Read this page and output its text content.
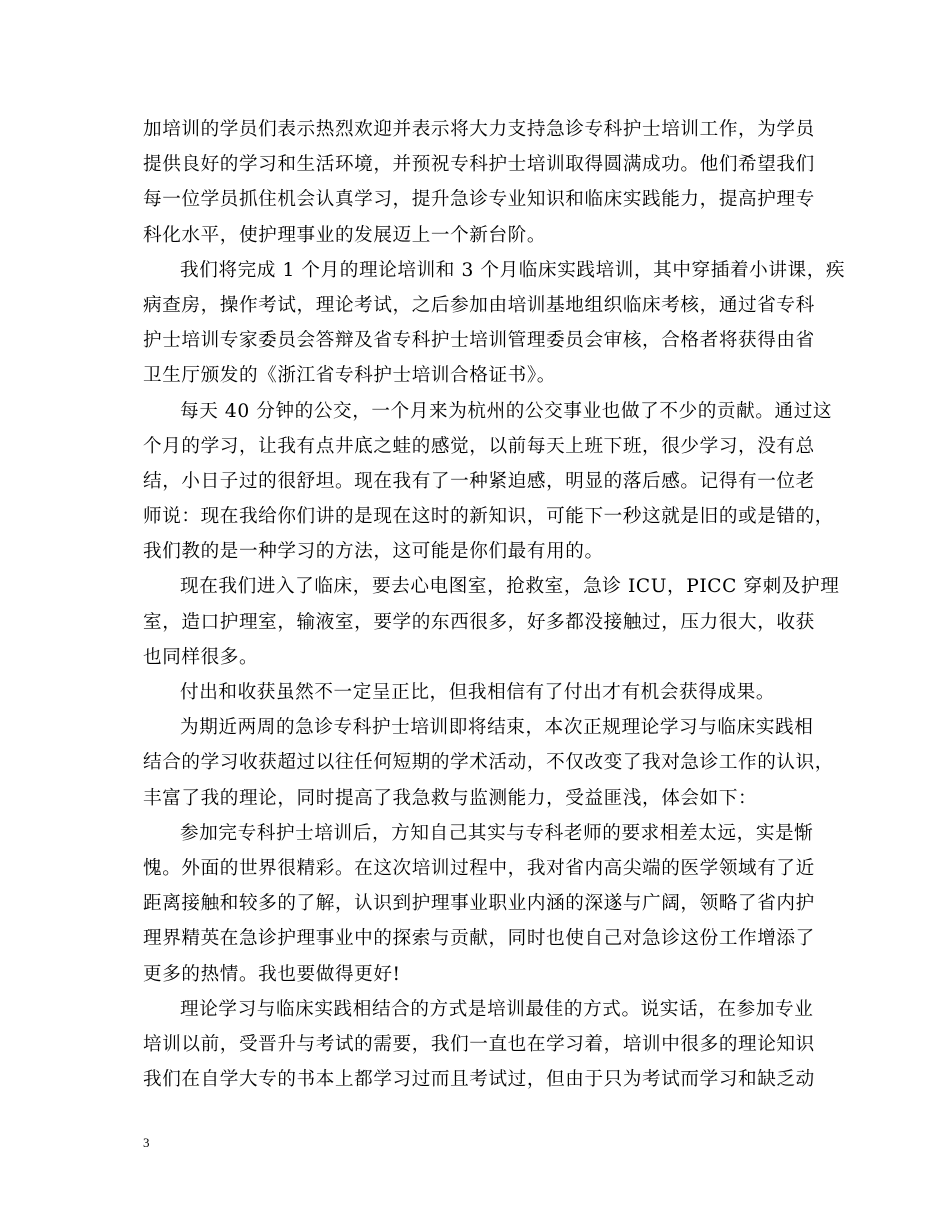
加培训的学员们表示热烈欢迎并表示将大力支持急诊专科护士培训工作，为学员
提供良好的学习和生活环境，并预祝专科护士培训取得圆满成功。他们希望我们
每一位学员抓住机会认真学习，提升急诊专业知识和临床实践能力，提高护理专
科化水平，使护理事业的发展迈上一个新台阶。
我们将完成 1 个月的理论培训和 3 个月临床实践培训，其中穿插着小讲课，疾
病查房，操作考试，理论考试，之后参加由培训基地组织临床考核，通过省专科
护士培训专家委员会答辩及省专科护士培训管理委员会审核，合格者将获得由省
卫生厅颁发的《浙江省专科护士培训合格证书》。
每天 40 分钟的公交，一个月来为杭州的公交事业也做了不少的贡献。通过这
个月的学习，让我有点井底之蛙的感觉，以前每天上班下班，很少学习，没有总
结，小日子过的很舒坦。现在我有了一种紧迫感，明显的落后感。记得有一位老
师说：现在我给你们讲的是现在这时的新知识，可能下一秒这就是旧的或是错的，
我们教的是一种学习的方法，这可能是你们最有用的。
现在我们进入了临床，要去心电图室，抢救室，急诊 ICU，PICC 穿刺及护理
室，造口护理室，输液室，要学的东西很多，好多都没接触过，压力很大，收获
也同样很多。
付出和收获虽然不一定呈正比，但我相信有了付出才有机会获得成果。
为期近两周的急诊专科护士培训即将结束，本次正规理论学习与临床实践相
结合的学习收获超过以往任何短期的学术活动，不仅改变了我对急诊工作的认识，
丰富了我的理论，同时提高了我急救与监测能力，受益匪浅，体会如下：
参加完专科护士培训后，方知自己其实与专科老师的要求相差太远，实是惭
愧。外面的世界很精彩。在这次培训过程中，我对省内高尖端的医学领域有了近
距离接触和较多的了解，认识到护理事业职业内涵的深遂与广阔，领略了省内护
理界精英在急诊护理事业中的探索与贡献，同时也使自己对急诊这份工作增添了
更多的热情。我也要做得更好!
理论学习与临床实践相结合的方式是培训最佳的方式。说实话，在参加专业
培训以前，受晋升与考试的需要，我们一直也在学习着，培训中很多的理论知识
我们在自学大专的书本上都学习过而且考试过，但由于只为考试而学习和缺乏动
3
